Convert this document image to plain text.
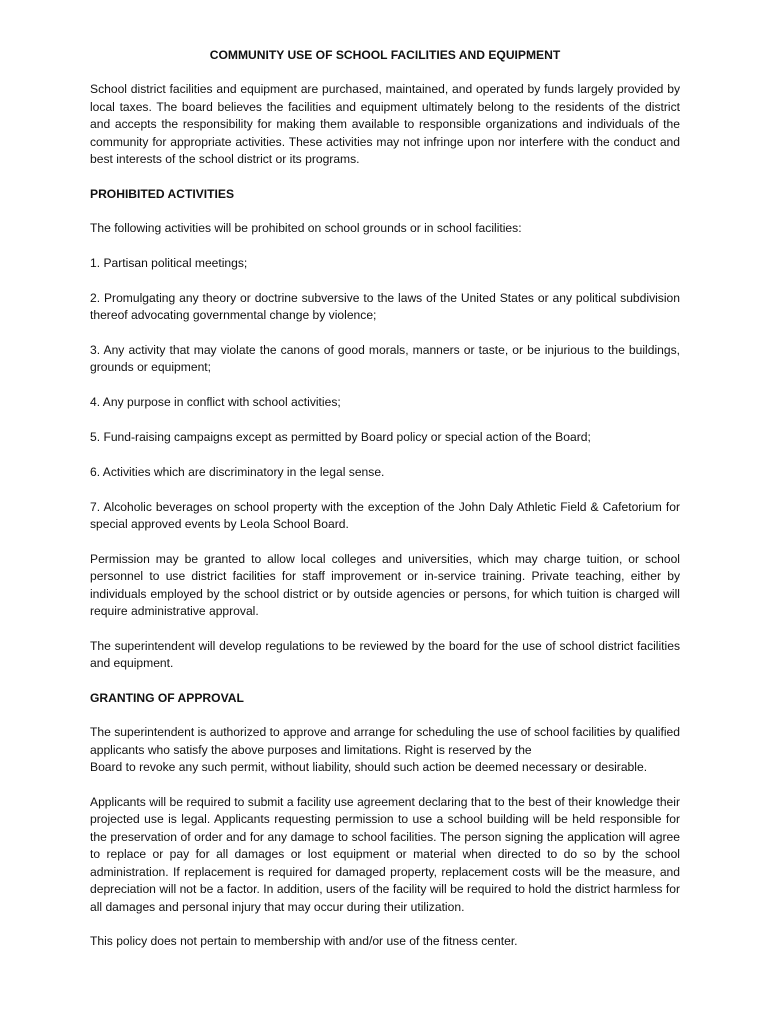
COMMUNITY USE OF SCHOOL FACILITIES AND EQUIPMENT

School district facilities and equipment are purchased, maintained, and operated by funds largely provided by local taxes. The board believes the facilities and equipment ultimately belong to the residents of the district and accepts the responsibility for making them available to responsible organizations and individuals of the community for appropriate activities. These activities may not infringe upon nor interfere with the conduct and best interests of the school district or its programs.

PROHIBITED ACTIVITIES

The following activities will be prohibited on school grounds or in school facilities:

1. Partisan political meetings;

2. Promulgating any theory or doctrine subversive to the laws of the United States or any political subdivision thereof advocating governmental change by violence;

3. Any activity that may violate the canons of good morals, manners or taste, or be injurious to the buildings, grounds or equipment;

4. Any purpose in conflict with school activities;

5. Fund-raising campaigns except as permitted by Board policy or special action of the Board;

6. Activities which are discriminatory in the legal sense.

7. Alcoholic beverages on school property with the exception of the John Daly Athletic Field & Cafetorium for special approved events by Leola School Board.

Permission may be granted to allow local colleges and universities, which may charge tuition, or school personnel to use district facilities for staff improvement or in-service training. Private teaching, either by individuals employed by the school district or by outside agencies or persons, for which tuition is charged will require administrative approval.

The superintendent will develop regulations to be reviewed by the board for the use of school district facilities and equipment.

GRANTING OF APPROVAL

The superintendent is authorized to approve and arrange for scheduling the use of school facilities by qualified applicants who satisfy the above purposes and limitations. Right is reserved by the
Board to revoke any such permit, without liability, should such action be deemed necessary or desirable.

Applicants will be required to submit a facility use agreement declaring that to the best of their knowledge their projected use is legal. Applicants requesting permission to use a school building will be held responsible for the preservation of order and for any damage to school facilities. The person signing the application will agree to replace or pay for all damages or lost equipment or material when directed to do so by the school administration. If replacement is required for damaged property, replacement costs will be the measure, and depreciation will not be a factor. In addition, users of the facility will be required to hold the district harmless for all damages and personal injury that may occur during their utilization.

This policy does not pertain to membership with and/or use of the fitness center.
